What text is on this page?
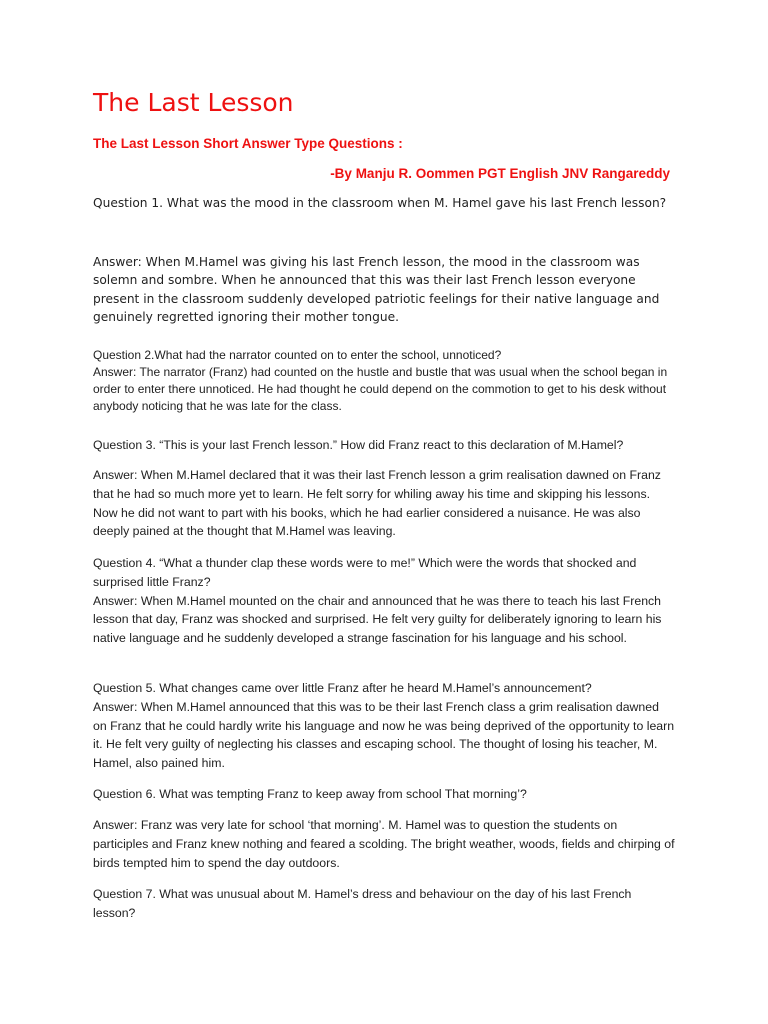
The Last Lesson
The Last Lesson Short Answer Type Questions :
-By Manju R. Oommen PGT English JNV Rangareddy

Question 1. What was the mood in the classroom when M. Hamel gave his last French lesson?

Answer: When M.Hamel was giving his last French lesson, the mood in the classroom was solemn and sombre. When he announced that this was their last French lesson everyone present in the classroom suddenly developed patriotic feelings for their native language and genuinely regretted ignoring their mother tongue.

Question 2.What had the narrator counted on to enter the school, unnoticed?
Answer: The narrator (Franz) had counted on the hustle and bustle that was usual when the school began in order to enter there unnoticed. He had thought he could depend on the commotion to get to his desk without anybody noticing that he was late for the class.

Question 3. “This is your last French lesson.” How did Franz react to this declaration of M.Hamel?

Answer: When M.Hamel declared that it was their last French lesson a grim realisation dawned on Franz that he had so much more yet to learn. He felt sorry for whiling away his time and skipping his lessons. Now he did not want to part with his books, which he had earlier considered a nuisance. He was also deeply pained at the thought that M.Hamel was leaving.

Question 4. “What a thunder clap these words were to me!” Which were the words that shocked and surprised little Franz?
Answer: When M.Hamel mounted on the chair and announced that he was there to teach his last French lesson that day, Franz was shocked and surprised. He felt very guilty for deliberately ignoring to learn his native language and he suddenly developed a strange fascination for his language and his school.
Question 5. What changes came over little Franz after he heard M.Hamel’s announcement?
Answer: When M.Hamel announced that this was to be their last French class a grim realisation dawned on Franz that he could hardly write his language and now he was being deprived of the opportunity to learn it. He felt very guilty of neglecting his classes and escaping school. The thought of losing his teacher, M. Hamel, also pained him.

Question 6. What was tempting Franz to keep away from school That morning’?

Answer: Franz was very late for school ‘that morning’. M. Hamel was to question the students on participles and Franz knew nothing and feared a scolding. The bright weather, woods, fields and chirping of birds tempted him to spend the day outdoors.

Question 7. What was unusual about M. Hamel’s dress and behaviour on the day of his last French lesson?
